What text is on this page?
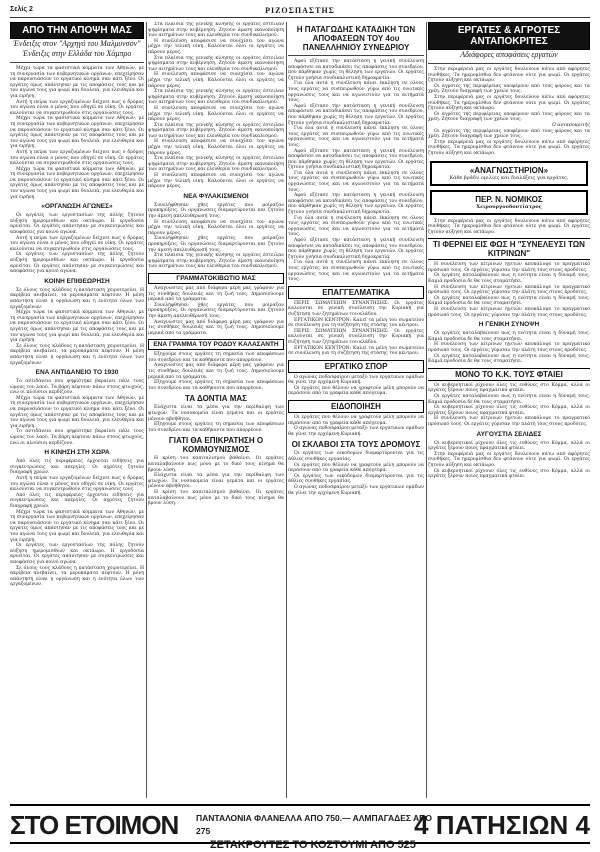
Σελίς 2	ΡΙΖΟΣΠΑΣΤΗΣ
ΑΠΟ ΤΗΝ ΑΠΟΨΗ ΜΑΣ
Ένδειξις στον "Αρχηγό του Μαλμυνσον"
Ένδειξις στην Ελλάδα του Χάμπρο

Μέχρι τώρα τα φασιστικά κόμματα των Αθηνών, με τη συνεργασία των κυβερνητικών οργάνων, επεχείρησαν να παρουσιάσουν το εργατικό κίνημα σαν κάτι ξένο. Οι εργάτες όμως απάντησαν με τις αποφάσεις τους και με τον αγώνα τους για ψωμί και δουλειά, για ελευθερία και για ειρήνη.

Αυτή η πείρα των εργαζομένων δείχνει πως ο δρόμος του αγώνα είναι ο μόνος που οδηγεί σε νίκη. Οι εργάτες καλούνται να συγκεντρωθούν στις οργανώσεις τους.

Μέχρι τώρα τα φασιστικά κόμματα των Αθηνών, με τη συνεργασία των κυβερνητικών οργάνων, επεχείρησαν να παρουσιάσουν το εργατικό κίνημα σαν κάτι ξένο. Οι εργάτες όμως απάντησαν με τις αποφάσεις τους και με τον αγώνα τους για ψωμί και δουλειά, για ελευθερία και για ειρήνη.

Αυτή η πείρα των εργαζομένων δείχνει πως ο δρόμος του αγώνα είναι ο μόνος που οδηγεί σε νίκη. Οι εργάτες καλούνται να συγκεντρωθούν στις οργανώσεις τους.

Μέχρι τώρα τα φασιστικά κόμματα των Αθηνών, με τη συνεργασία των κυβερνητικών οργάνων, επεχείρησαν να παρουσιάσουν το εργατικό κίνημα σαν κάτι ξένο. Οι εργάτες όμως απάντησαν με τις αποφάσεις τους και με τον αγώνα τους για ψωμί και δουλειά, για ελευθερία και για ειρήνη.

«ΟΡΓΑΝΩΣΗ ΑΓΩΝΕΣ»

Οι εργάτες των εργοστασίων της πόλης ζητούν αύξηση ημερομισθίων και οκτάωρο. Η εργοδοσία αρνείται. Οι εργάτες απάντησαν με συγκεντρώσεις και αποφάσεις για κοινό αγώνα.

Αυτή η πείρα των εργαζομένων δείχνει πως ο δρόμος του αγώνα είναι ο μόνος που οδηγεί σε νίκη. Οι εργάτες καλούνται να συγκεντρωθούν στις οργανώσεις τους.

Οι εργάτες των εργοστασίων της πόλης ζητούν αύξηση ημερομισθίων και οκτάωρο. Η εργοδοσία αρνείται. Οι εργάτες απάντησαν με συγκεντρώσεις και αποφάσεις για κοινό αγώνα.

ΚΟΙΝΗ ΕΠΙΘΕΩΡΗΣΗ

Σε όλους τους κλάδους η κατάσταση χειροτερεύει. Η ακρίβεια ανεβαίνει, τα μεροκάματα πέφτουν. Η μόνη απάντηση είναι η οργάνωση και η ενότητα όλων των εργαζομένων.

Μέχρι τώρα τα φασιστικά κόμματα των Αθηνών, με τη συνεργασία των κυβερνητικών οργάνων, επεχείρησαν να παρουσιάσουν το εργατικό κίνημα σαν κάτι ξένο. Οι εργάτες όμως απάντησαν με τις αποφάσεις τους και με τον αγώνα τους για ψωμί και δουλειά, για ελευθερία και για ειρήνη.

Σε όλους τους κλάδους η κατάσταση χειροτερεύει. Η ακρίβεια ανεβαίνει, τα μεροκάματα πέφτουν. Η μόνη απάντηση είναι η οργάνωση και η ενότητα όλων των εργαζομένων.

ΕΝΑ ΑΝΤΙΔΑΝΕΙΟ ΤΟ 1930

Το αντιδάνειο που ψηφίστηκε βαραίνει πάλι τους ώμους του λαού. Τα βάρη πέφτουν πάνω στους φτωχούς, ενώ οι πλούσιοι κερδίζουν.

Μέχρι τώρα τα φασιστικά κόμματα των Αθηνών, με τη συνεργασία των κυβερνητικών οργάνων, επεχείρησαν να παρουσιάσουν το εργατικό κίνημα σαν κάτι ξένο. Οι εργάτες όμως απάντησαν με τις αποφάσεις τους και με τον αγώνα τους για ψωμί και δουλειά, για ελευθερία και για ειρήνη.

Το αντιδάνειο που ψηφίστηκε βαραίνει πάλι τους ώμους του λαού. Τα βάρη πέφτουν πάνω στους φτωχούς, ενώ οι πλούσιοι κερδίζουν.

Η ΚΙΝΗΣΗ ΣΤΗ ΧΩΡΑ

Από όλες τις περιφέρειες έρχονται ειδήσεις για συγκεντρώσεις και απεργίες. Οι αγρότες ζητούν διαγραφή χρεών.

Αυτή η πείρα των εργαζομένων δείχνει πως ο δρόμος του αγώνα είναι ο μόνος που οδηγεί σε νίκη. Οι εργάτες καλούνται να συγκεντρωθούν στις οργανώσεις τους.

Από όλες τις περιφέρειες έρχονται ειδήσεις για συγκεντρώσεις και απεργίες. Οι αγρότες ζητούν διαγραφή χρεών.

Μέχρι τώρα τα φασιστικά κόμματα των Αθηνών, με τη συνεργασία των κυβερνητικών οργάνων, επεχείρησαν να παρουσιάσουν το εργατικό κίνημα σαν κάτι ξένο. Οι εργάτες όμως απάντησαν με τις αποφάσεις τους και με τον αγώνα τους για ψωμί και δουλειά, για ελευθερία και για ειρήνη.

Οι εργάτες των εργοστασίων της πόλης ζητούν αύξηση ημερομισθίων και οκτάωρο. Η εργοδοσία αρνείται. Οι εργάτες απάντησαν με συγκεντρώσεις και αποφάσεις για κοινό αγώνα.

Σε όλους τους κλάδους η κατάσταση χειροτερεύει. Η ακρίβεια ανεβαίνει, τα μεροκάματα πέφτουν. Η μόνη απάντηση είναι η οργάνωση και η ενότητα όλων των εργαζομένων.

Στα πλαίσια της γενικής κίνησης οι εργάτες έστειλαν ψηφίσματα στην κυβέρνηση. Ζητούν άμεση ικανοποίηση των αιτημάτων τους και ελευθερία του συνδικαλισμού.

Η συνέλευση αποφάσισε να συνεχίσει τον αγώνα μέχρι την τελική νίκη. Καλούνται όλοι οι εργάτες να πάρουν μέρος.

Στα πλαίσια της γενικής κίνησης οι εργάτες έστειλαν ψηφίσματα στην κυβέρνηση. Ζητούν άμεση ικανοποίηση των αιτημάτων τους και ελευθερία του συνδικαλισμού.

Η συνέλευση αποφάσισε να συνεχίσει τον αγώνα μέχρι την τελική νίκη. Καλούνται όλοι οι εργάτες να πάρουν μέρος.

Στα πλαίσια της γενικής κίνησης οι εργάτες έστειλαν ψηφίσματα στην κυβέρνηση. Ζητούν άμεση ικανοποίηση των αιτημάτων τους και ελευθερία του συνδικαλισμού.

Η συνέλευση αποφάσισε να συνεχίσει τον αγώνα μέχρι την τελική νίκη. Καλούνται όλοι οι εργάτες να πάρουν μέρος.

Στα πλαίσια της γενικής κίνησης οι εργάτες έστειλαν ψηφίσματα στην κυβέρνηση. Ζητούν άμεση ικανοποίηση των αιτημάτων τους και ελευθερία του συνδικαλισμού.

Η συνέλευση αποφάσισε να συνεχίσει τον αγώνα μέχρι την τελική νίκη. Καλούνται όλοι οι εργάτες να πάρουν μέρος.

Στα πλαίσια της γενικής κίνησης οι εργάτες έστειλαν ψηφίσματα στην κυβέρνηση. Ζητούν άμεση ικανοποίηση των αιτημάτων τους και ελευθερία του συνδικαλισμού.

Η συνέλευση αποφάσισε να συνεχίσει τον αγώνα μέχρι την τελική νίκη. Καλούνται όλοι οι εργάτες να πάρουν μέρος.

ΝΕΑ ΦΥΛΑΚΙΣΜΕΝΟΙ

Συνελήφθησαν χθες εργάτες που μοίραζαν προκηρύξεις. Οι οργανώσεις διαμαρτύρονται και ζητούν την άμεση απελευθέρωσή τους.

Η συνέλευση αποφάσισε να συνεχίσει τον αγώνα μέχρι την τελική νίκη. Καλούνται όλοι οι εργάτες να πάρουν μέρος.

Συνελήφθησαν χθες εργάτες που μοίραζαν προκηρύξεις. Οι οργανώσεις διαμαρτύρονται και ζητούν την άμεση απελευθέρωσή τους.

Στα πλαίσια της γενικής κίνησης οι εργάτες έστειλαν ψηφίσματα στην κυβέρνηση. Ζητούν άμεση ικανοποίηση των αιτημάτων τους και ελευθερία του συνδικαλισμού.

ΓΡΑΜΜΑΤΟΚΙΒΩΤΙΟ ΜΑΣ

Αναγνώστες μας από διάφορα μέρη μας γράφουν για τις συνθήκες δουλειάς και τη ζωή τους. Δημοσιεύουμε μερικά από τα γράμματα.

Συνελήφθησαν χθες εργάτες που μοίραζαν προκηρύξεις. Οι οργανώσεις διαμαρτύρονται και ζητούν την άμεση απελευθέρωσή τους.

Αναγνώστες μας από διάφορα μέρη μας γράφουν για τις συνθήκες δουλειάς και τη ζωή τους. Δημοσιεύουμε μερικά από τα γράμματα.

ΕΝΑ ΓΡΑΜΜΑ ΤΟΥ ΡΟΔΟΥ ΚΑΛΑΣΑΝΤΗ

Εξηγούμε στους εργάτες τη σημασία των αποφάσεων του συνεδρίου και τα καθήκοντα που απορρέουν.

Αναγνώστες μας από διάφορα μέρη μας γράφουν για τις συνθήκες δουλειάς και τη ζωή τους. Δημοσιεύουμε μερικά από τα γράμματα.

Εξηγούμε στους εργάτες τη σημασία των αποφάσεων του συνεδρίου και τα καθήκοντα που απορρέουν.

ΤΑ ΔΟΝΤΙΑ ΜΑΣ

Ελάχιστα είναι τα μέσα για την περίθαλψη των φτωχών. Τα νοσοκομεία είναι γεμάτα και οι εργάτες μένουν αβοήθητοι.

Εξηγούμε στους εργάτες τη σημασία των αποφάσεων του συνεδρίου και τα καθήκοντα που απορρέουν.

ΓΙΑΤΙ ΘΑ ΕΠΙΚΡΑΤΗΣΗ Ο ΚΟΜΜΟΥΝΙΣΜΟΣ

Η κρίση του καπιταλισμού βαθαίνει. Οι εργάτες καταλαβαίνουν πως μόνο με το δικό τους κίνημα θα βρουν λύση.

Ελάχιστα είναι τα μέσα για την περίθαλψη των φτωχών. Τα νοσοκομεία είναι γεμάτα και οι εργάτες μένουν αβοήθητοι.

Η κρίση του καπιταλισμού βαθαίνει. Οι εργάτες καταλαβαίνουν πως μόνο με το δικό τους κίνημα θα βρουν λύση.

Η ΠΑΤΑΓΩΔΗΣ ΚΑΤΑΔΙΚΗ ΤΩΝ ΑΠΟΦΑΣΕΩΝ ΤΟΥ 4ου ΠΑΝΕΛΛΗΝΙΟΥ ΣΥΝΕΔΡΙΟΥ

Αφού εξέτασε την κατάσταση η γενική συνέλευση αποφάσισε να καταδικάσει τις αποφάσεις του συνεδρίου, που πάρθηκαν χωρίς τη θέληση των εργατών. Οι εργάτες ζητούν γνήσια συνδικαλιστική δημοκρατία.

Για όλα αυτά η συνέλευση κάνει έκκληση σε όλους τους εργάτες να συσπειρωθούν γύρω από τις ενωτικές οργανώσεις τους και να αγωνιστούν για τα αιτήματά τους.

Αφού εξέτασε την κατάσταση η γενική συνέλευση αποφάσισε να καταδικάσει τις αποφάσεις του συνεδρίου, που πάρθηκαν χωρίς τη θέληση των εργατών. Οι εργάτες ζητούν γνήσια συνδικαλιστική δημοκρατία.

Για όλα αυτά η συνέλευση κάνει έκκληση σε όλους τους εργάτες να συσπειρωθούν γύρω από τις ενωτικές οργανώσεις τους και να αγωνιστούν για τα αιτήματά τους.

Αφού εξέτασε την κατάσταση η γενική συνέλευση αποφάσισε να καταδικάσει τις αποφάσεις του συνεδρίου, που πάρθηκαν χωρίς τη θέληση των εργατών. Οι εργάτες ζητούν γνήσια συνδικαλιστική δημοκρατία.

Για όλα αυτά η συνέλευση κάνει έκκληση σε όλους τους εργάτες να συσπειρωθούν γύρω από τις ενωτικές οργανώσεις τους και να αγωνιστούν για τα αιτήματά τους.

Αφού εξέτασε την κατάσταση η γενική συνέλευση αποφάσισε να καταδικάσει τις αποφάσεις του συνεδρίου, που πάρθηκαν χωρίς τη θέληση των εργατών. Οι εργάτες ζητούν γνήσια συνδικαλιστική δημοκρατία.

Για όλα αυτά η συνέλευση κάνει έκκληση σε όλους τους εργάτες να συσπειρωθούν γύρω από τις ενωτικές οργανώσεις τους και να αγωνιστούν για τα αιτήματά τους.

Αφού εξέτασε την κατάσταση η γενική συνέλευση αποφάσισε να καταδικάσει τις αποφάσεις του συνεδρίου, που πάρθηκαν χωρίς τη θέληση των εργατών. Οι εργάτες ζητούν γνήσια συνδικαλιστική δημοκρατία.

Για όλα αυτά η συνέλευση κάνει έκκληση σε όλους τους εργάτες να συσπειρωθούν γύρω από τις ενωτικές οργανώσεις τους και να αγωνιστούν για τα αιτήματά τους.

ΕΠΑΓΓΕΛΜΑΤΙΚΑ

ΠΕΡΙΣ ΣΩΜΑΤΕΙΩΝ ΣΥΝΑΝΤΗΣΗΣ: Οι εργάτες καλούνται σε γενική συνέλευση την Κυριακή για συζήτηση των ζητημάτων του κλάδου.

ΕΡΓΑΤΙΚΟΝ ΚΕΝΤΡΟΝ: Καλεί τα μέλη του σωματείου σε συνέλευση για τη συζήτηση της στάσης του κέντρου.

ΠΕΡΙΣ ΣΩΜΑΤΕΙΩΝ ΣΥΝΑΝΤΗΣΗΣ: Οι εργάτες καλούνται σε γενική συνέλευση την Κυριακή για συζήτηση των ζητημάτων του κλάδου.

ΕΡΓΑΤΙΚΟΝ ΚΕΝΤΡΟΝ: Καλεί τα μέλη του σωματείου σε συνέλευση για τη συζήτηση της στάσης του κέντρου.

ΕΡΓΑΤΙΚΟ ΣΠΟΡ

Ο αγώνας ποδοσφαίρου μεταξύ των εργατικών ομάδων θα γίνει την ερχόμενη Κυριακή.

Οι εργάτες που θέλουν να γραφτούν μέλη μπορούν να περάσουν από τα γραφεία κάθε απόγευμα.

ΕΙΔΟΠΟΙΗΣΗ

Οι εργάτες που θέλουν να γραφτούν μέλη μπορούν να περάσουν από τα γραφεία κάθε απόγευμα.

Ο αγώνας ποδοσφαίρου μεταξύ των εργατικών ομάδων θα γίνει την ερχόμενη Κυριακή.

ΟΙ ΣΚΛΑΒΟΙ ΣΤΑ ΤΟΥΣ ΔΡΟΜΟΥΣ

Οι εργάτες των οικοδομών διαμαρτύρονται για τις άθλιες συνθήκες εργασίας.

Οι εργάτες που θέλουν να γραφτούν μέλη μπορούν να περάσουν από τα γραφεία κάθε απόγευμα.

Οι εργάτες των οικοδομών διαμαρτύρονται για τις άθλιες συνθήκες εργασίας.

Ο αγώνας ποδοσφαίρου μεταξύ των εργατικών ομάδων θα γίνει την ερχόμενη Κυριακή.

ΕΡΓΑΤΕΣ & ΑΓΡΟΤΕΣ ΑΝΤΑΠΟΚΡΙΤΕΣ
Αδιάφορες αποφάσεις εργατών

Στην περιφέρειά μας οι εργάτες δουλεύουν κάτω από αφόρητες συνθήκες. Τα ημερομίσθια δεν φτάνουν ούτε για ψωμί. Οι εργάτες ζητούν αύξηση και οκτάωρο.

Οι αγρότες της περιφέρειας υποφέρουν από τους φόρους και τα χρέη. Ζητούν διαγραφή των χρεών τους.

Στην περιφέρειά μας οι εργάτες δουλεύουν κάτω από αφόρητες συνθήκες. Τα ημερομίσθια δεν φτάνουν ούτε για ψωμί. Οι εργάτες ζητούν αύξηση και οκτάωρο.

Οι αγρότες της περιφέρειας υποφέρουν από τους φόρους και τα χρέη. Ζητούν διαγραφή των χρεών τους.

Ο ανταποκριτής

Οι αγρότες της περιφέρειας υποφέρουν από τους φόρους και τα χρέη. Ζητούν διαγραφή των χρεών τους.

Στην περιφέρειά μας οι εργάτες δουλεύουν κάτω από αφόρητες συνθήκες. Τα ημερομίσθια δεν φτάνουν ούτε για ψωμί. Οι εργάτες ζητούν αύξηση και οκτάωρο.

«ΑΝΑΓΝΩΣΤΗΡΙΟΝ»
Κάθε βράδυ ομιλίες και διαλέξεις για εργάτες.
ΠΕΡ. Ν. ΝΟΜΙΚΟΣ
Χειρουργοοδοντίατρος

Στην περιφέρειά μας οι εργάτες δουλεύουν κάτω από αφόρητες συνθήκες. Τα ημερομίσθια δεν φτάνουν ούτε για ψωμί. Οι εργάτες ζητούν αύξηση και οκτάωρο.

ΤΙ ΦΕΡΝΕΙ ΕΙΣ ΦΩΣ Η "ΣΥΝΕΛΕΥΣΙ ΤΩΝ ΚΙΤΡΙΝΩΝ"

Η συνέλευση των κίτρινων ηγετών αποκάλυψε το πραγματικό πρόσωπό τους. Οι εργάτες γύρισαν την πλάτη τους στους προδότες.

Οι εργάτες καταλαβαίνουν πως η ενότητα είναι η δύναμή τους. Καμιά προδοσία δε θα τους σταματήσει.

Η συνέλευση των κίτρινων ηγετών αποκάλυψε το πραγματικό πρόσωπό τους. Οι εργάτες γύρισαν την πλάτη τους στους προδότες.

Οι εργάτες καταλαβαίνουν πως η ενότητα είναι η δύναμή τους. Καμιά προδοσία δε θα τους σταματήσει.

Η συνέλευση των κίτρινων ηγετών αποκάλυψε το πραγματικό πρόσωπό τους. Οι εργάτες γύρισαν την πλάτη τους στους προδότες.

Η ΓΕΝΙΚΗ ΣΥΝΟΨΗ

Οι εργάτες καταλαβαίνουν πως η ενότητα είναι η δύναμή τους. Καμιά προδοσία δε θα τους σταματήσει.

Η συνέλευση των κίτρινων ηγετών αποκάλυψε το πραγματικό πρόσωπό τους. Οι εργάτες γύρισαν την πλάτη τους στους προδότες.

Οι εργάτες καταλαβαίνουν πως η ενότητα είναι η δύναμή τους. Καμιά προδοσία δε θα τους σταματήσει.

ΜΟΝΟ ΤΟ Κ.Κ. ΤΟΥΣ ΦΤΑΙΕΙ

Οι κυβερνητικοί ρίχνουν όλες τις ευθύνες στο Κόμμα, αλλά οι εργάτες ξέρουν ποιος πραγματικά φταίει.

Οι εργάτες καταλαβαίνουν πως η ενότητα είναι η δύναμή τους. Καμιά προδοσία δε θα τους σταματήσει.

Οι κυβερνητικοί ρίχνουν όλες τις ευθύνες στο Κόμμα, αλλά οι εργάτες ξέρουν ποιος πραγματικά φταίει.

Η συνέλευση των κίτρινων ηγετών αποκάλυψε το πραγματικό πρόσωπό τους. Οι εργάτες γύρισαν την πλάτη τους στους προδότες.

ΑΥΓΟΥΣΤΙΑ ΣΕΛΙΔΕΣ

Οι κυβερνητικοί ρίχνουν όλες τις ευθύνες στο Κόμμα, αλλά οι εργάτες ξέρουν ποιος πραγματικά φταίει.

Στην περιφέρειά μας οι εργάτες δουλεύουν κάτω από αφόρητες συνθήκες. Τα ημερομίσθια δεν φτάνουν ούτε για ψωμί. Οι εργάτες ζητούν αύξηση και οκτάωρο.

Οι κυβερνητικοί ρίχνουν όλες τις ευθύνες στο Κόμμα, αλλά οι εργάτες ξέρουν ποιος πραγματικά φταίει.

ΣΤΟ ΕΤΟΙΜΟΝ ΠΑΝΤΑΛΟΝΙΑ ΦΛΑΝΕΛΛΑ ΑΠΟ 750.— ΑΛΜΠΑΓΑΔΕΣ ΑΠΟ 275
ΣΕΤΑΚΡΟΥΤΕΣ ΤΟ ΚΟΣΤΟΥΜΙ ΑΠΟ 525
4 ΠΑΤΗΣΙΩΝ 4
